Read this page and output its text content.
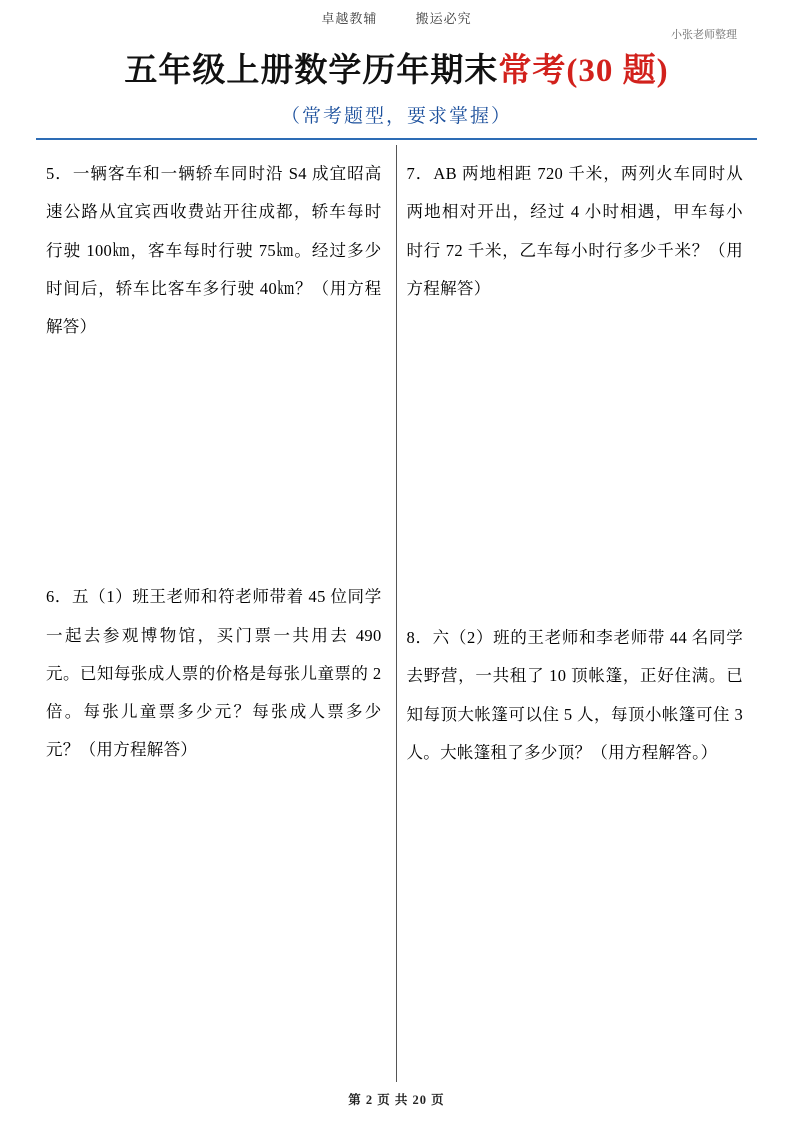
卓越教辅	搬运必究
小张老师整理
五年级上册数学历年期末常考(30 题)
（常考题型，要求掌握）
5．一辆客车和一辆轿车同时沿 S4 成宜昭高速公路从宜宾西收费站开往成都，轿车每时行驶 100㎞，客车每时行驶 75㎞。经过多少时间后，轿车比客车多行驶 40㎞？（用方程解答）
6．五（1）班王老师和符老师带着 45 位同学一起去参观博物馆，买门票一共用去 490 元。已知每张成人票的价格是每张儿童票的 2 倍。每张儿童票多少元？每张成人票多少元？（用方程解答）
7．AB 两地相距 720 千米，两列火车同时从两地相对开出，经过 4 小时相遇，甲车每小时行 72 千米，乙车每小时行多少千米？（用方程解答）
8．六（2）班的王老师和李老师带 44 名同学去野营，一共租了 10 顶帐篷，正好住满。已知每顶大帐篷可以住 5 人，每顶小帐篷可住 3 人。大帐篷租了多少顶？（用方程解答。）
第 2 页 共 20 页
